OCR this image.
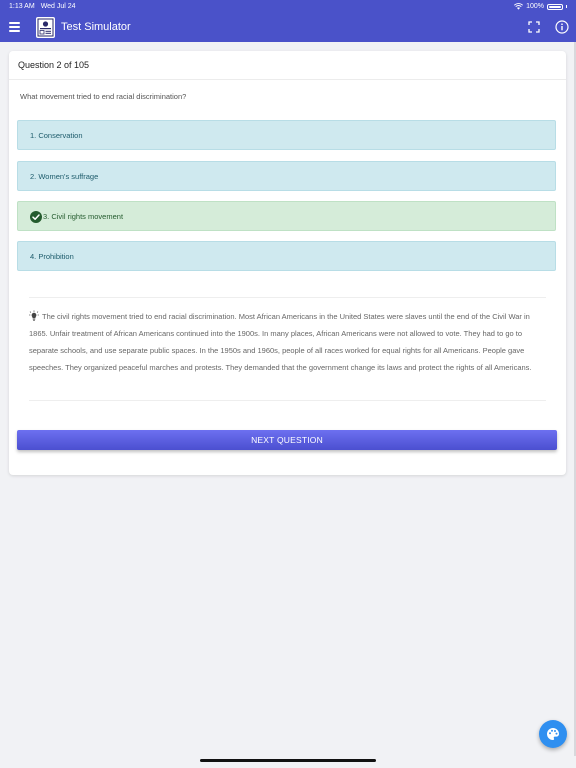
1:13 AM Wed Jul 24	100%
Test Simulator
Question 2 of 105
What movement tried to end racial discrimination?
1. Conservation
2. Women's suffrage
3. Civil rights movement
4. Prohibition
The civil rights movement tried to end racial discrimination. Most African Americans in the United States were slaves until the end of the Civil War in 1865. Unfair treatment of African Americans continued into the 1900s. In many places, African Americans were not allowed to vote. They had to go to separate schools, and use separate public spaces. In the 1950s and 1960s, people of all races worked for equal rights for all Americans. People gave speeches. They organized peaceful marches and protests. They demanded that the government change its laws and protect the rights of all Americans.
NEXT QUESTION
